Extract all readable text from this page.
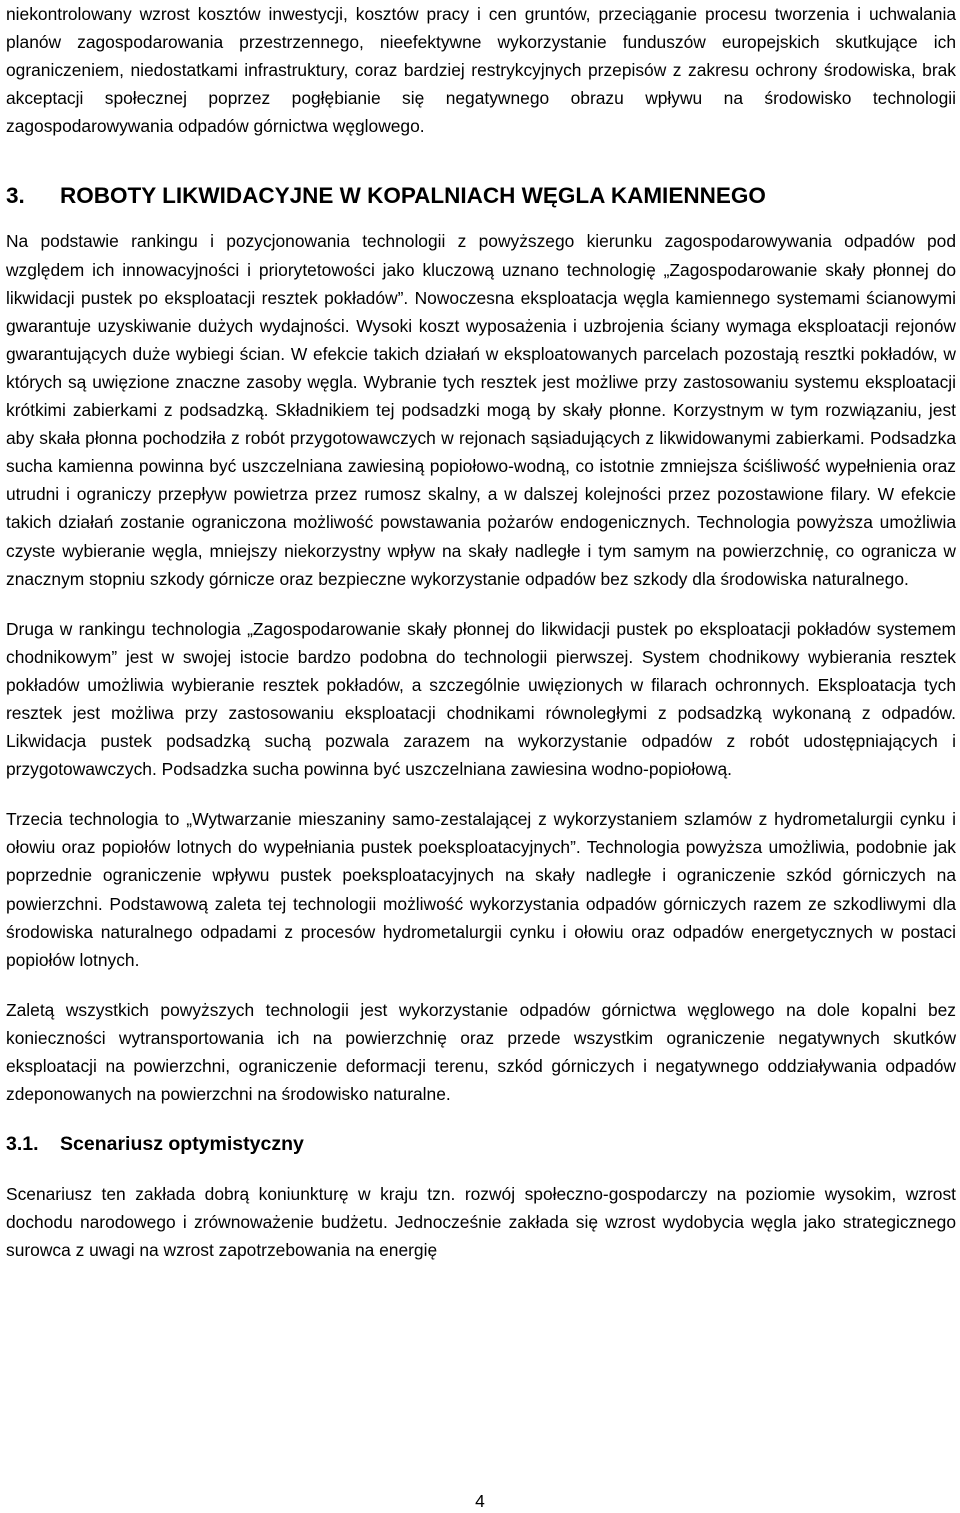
niekontrolowany wzrost kosztów inwestycji, kosztów pracy i cen gruntów, przeciąganie procesu tworzenia i uchwalania planów zagospodarowania przestrzennego, nieefektywne wykorzystanie funduszów europejskich skutkujące ich ograniczeniem, niedostatkami infrastruktury, coraz bardziej restrykcyjnych przepisów z zakresu ochrony środowiska, brak akceptacji społecznej poprzez pogłębianie się negatywnego obrazu wpływu na środowisko technologii zagospodarowywania odpadów górnictwa węglowego.

3.	ROBOTY LIKWIDACYJNE W KOPALNIACH WĘGLA KAMIENNEGO

Na podstawie rankingu i pozycjonowania technologii z powyższego kierunku zagospodarowywania odpadów pod względem ich innowacyjności i priorytetowości jako kluczową uznano technologię „Zagospodarowanie skały płonnej do likwidacji pustek po eksploatacji resztek pokładów”. Nowoczesna eksploatacja węgla kamiennego systemami ścianowymi gwarantuje uzyskiwanie dużych wydajności. Wysoki koszt wyposażenia i uzbrojenia ściany wymaga eksploatacji rejonów gwarantujących duże wybiegi ścian. W efekcie takich działań w eksploatowanych parcelach pozostają resztki pokładów, w których są uwięzione znaczne zasoby węgla. Wybranie tych resztek jest możliwe przy zastosowaniu systemu eksploatacji krótkimi zabierkami z podsadzką. Składnikiem tej podsadzki mogą by skały płonne. Korzystnym w tym rozwiązaniu, jest aby skała płonna pochodziła z robót przygotowawczych w rejonach sąsiadujących z likwidowanymi zabierkami. Podsadzka sucha kamienna powinna być uszczelniana zawiesiną popiołowo-wodną, co istotnie zmniejsza ściśliwość wypełnienia oraz utrudni i ograniczy przepływ powietrza przez rumosz skalny, a w dalszej kolejności przez pozostawione filary. W efekcie takich działań zostanie ograniczona możliwość powstawania pożarów endogenicznych. Technologia powyższa umożliwia czyste wybieranie węgla, mniejszy niekorzystny wpływ na skały nadległe i tym samym na powierzchnię, co ogranicza w znacznym stopniu szkody górnicze oraz bezpieczne wykorzystanie odpadów bez szkody dla środowiska naturalnego.

Druga w rankingu technologia „Zagospodarowanie skały płonnej do likwidacji pustek po eksploatacji pokładów systemem chodnikowym” jest w swojej istocie bardzo podobna do technologii pierwszej. System chodnikowy wybierania resztek pokładów umożliwia wybieranie resztek pokładów, a szczególnie uwięzionych w filarach ochronnych. Eksploatacja tych resztek jest możliwa przy zastosowaniu eksploatacji chodnikami równoległymi z podsadzką wykonaną z odpadów. Likwidacja pustek podsadzką suchą pozwala zarazem na wykorzystanie odpadów z robót udostępniających i przygotowawczych. Podsadzka sucha powinna być uszczelniana zawiesina wodno-popiołową.

Trzecia technologia to „Wytwarzanie mieszaniny samo-zestalającej z wykorzystaniem szlamów z hydrometalurgii cynku i ołowiu oraz popiołów lotnych do wypełniania pustek poeksploatacyjnych”. Technologia powyższa umożliwia, podobnie jak poprzednie ograniczenie wpływu pustek poeksploatacyjnych na skały nadległe i ograniczenie szkód górniczych na powierzchni. Podstawową zaleta tej technologii możliwość wykorzystania odpadów górniczych razem ze szkodliwymi dla środowiska naturalnego odpadami z procesów hydrometalurgii cynku i ołowiu oraz odpadów energetycznych w postaci popiołów lotnych.

Zaletą wszystkich powyższych technologii jest wykorzystanie odpadów górnictwa węglowego na dole kopalni bez konieczności wytransportowania ich na powierzchnię oraz przede wszystkim ograniczenie negatywnych skutków eksploatacji na powierzchni, ograniczenie deformacji terenu, szkód górniczych i negatywnego oddziaływania odpadów zdeponowanych na powierzchni na środowisko naturalne.

3.1.	Scenariusz optymistyczny

Scenariusz ten zakłada dobrą koniunkturę w kraju tzn. rozwój społeczno-gospodarczy na poziomie wysokim, wzrost dochodu narodowego i zrównoważenie budżetu. Jednocześnie zakłada się wzrost wydobycia węgla jako strategicznego surowca z uwagi na wzrost zapotrzebowania na energię

4
